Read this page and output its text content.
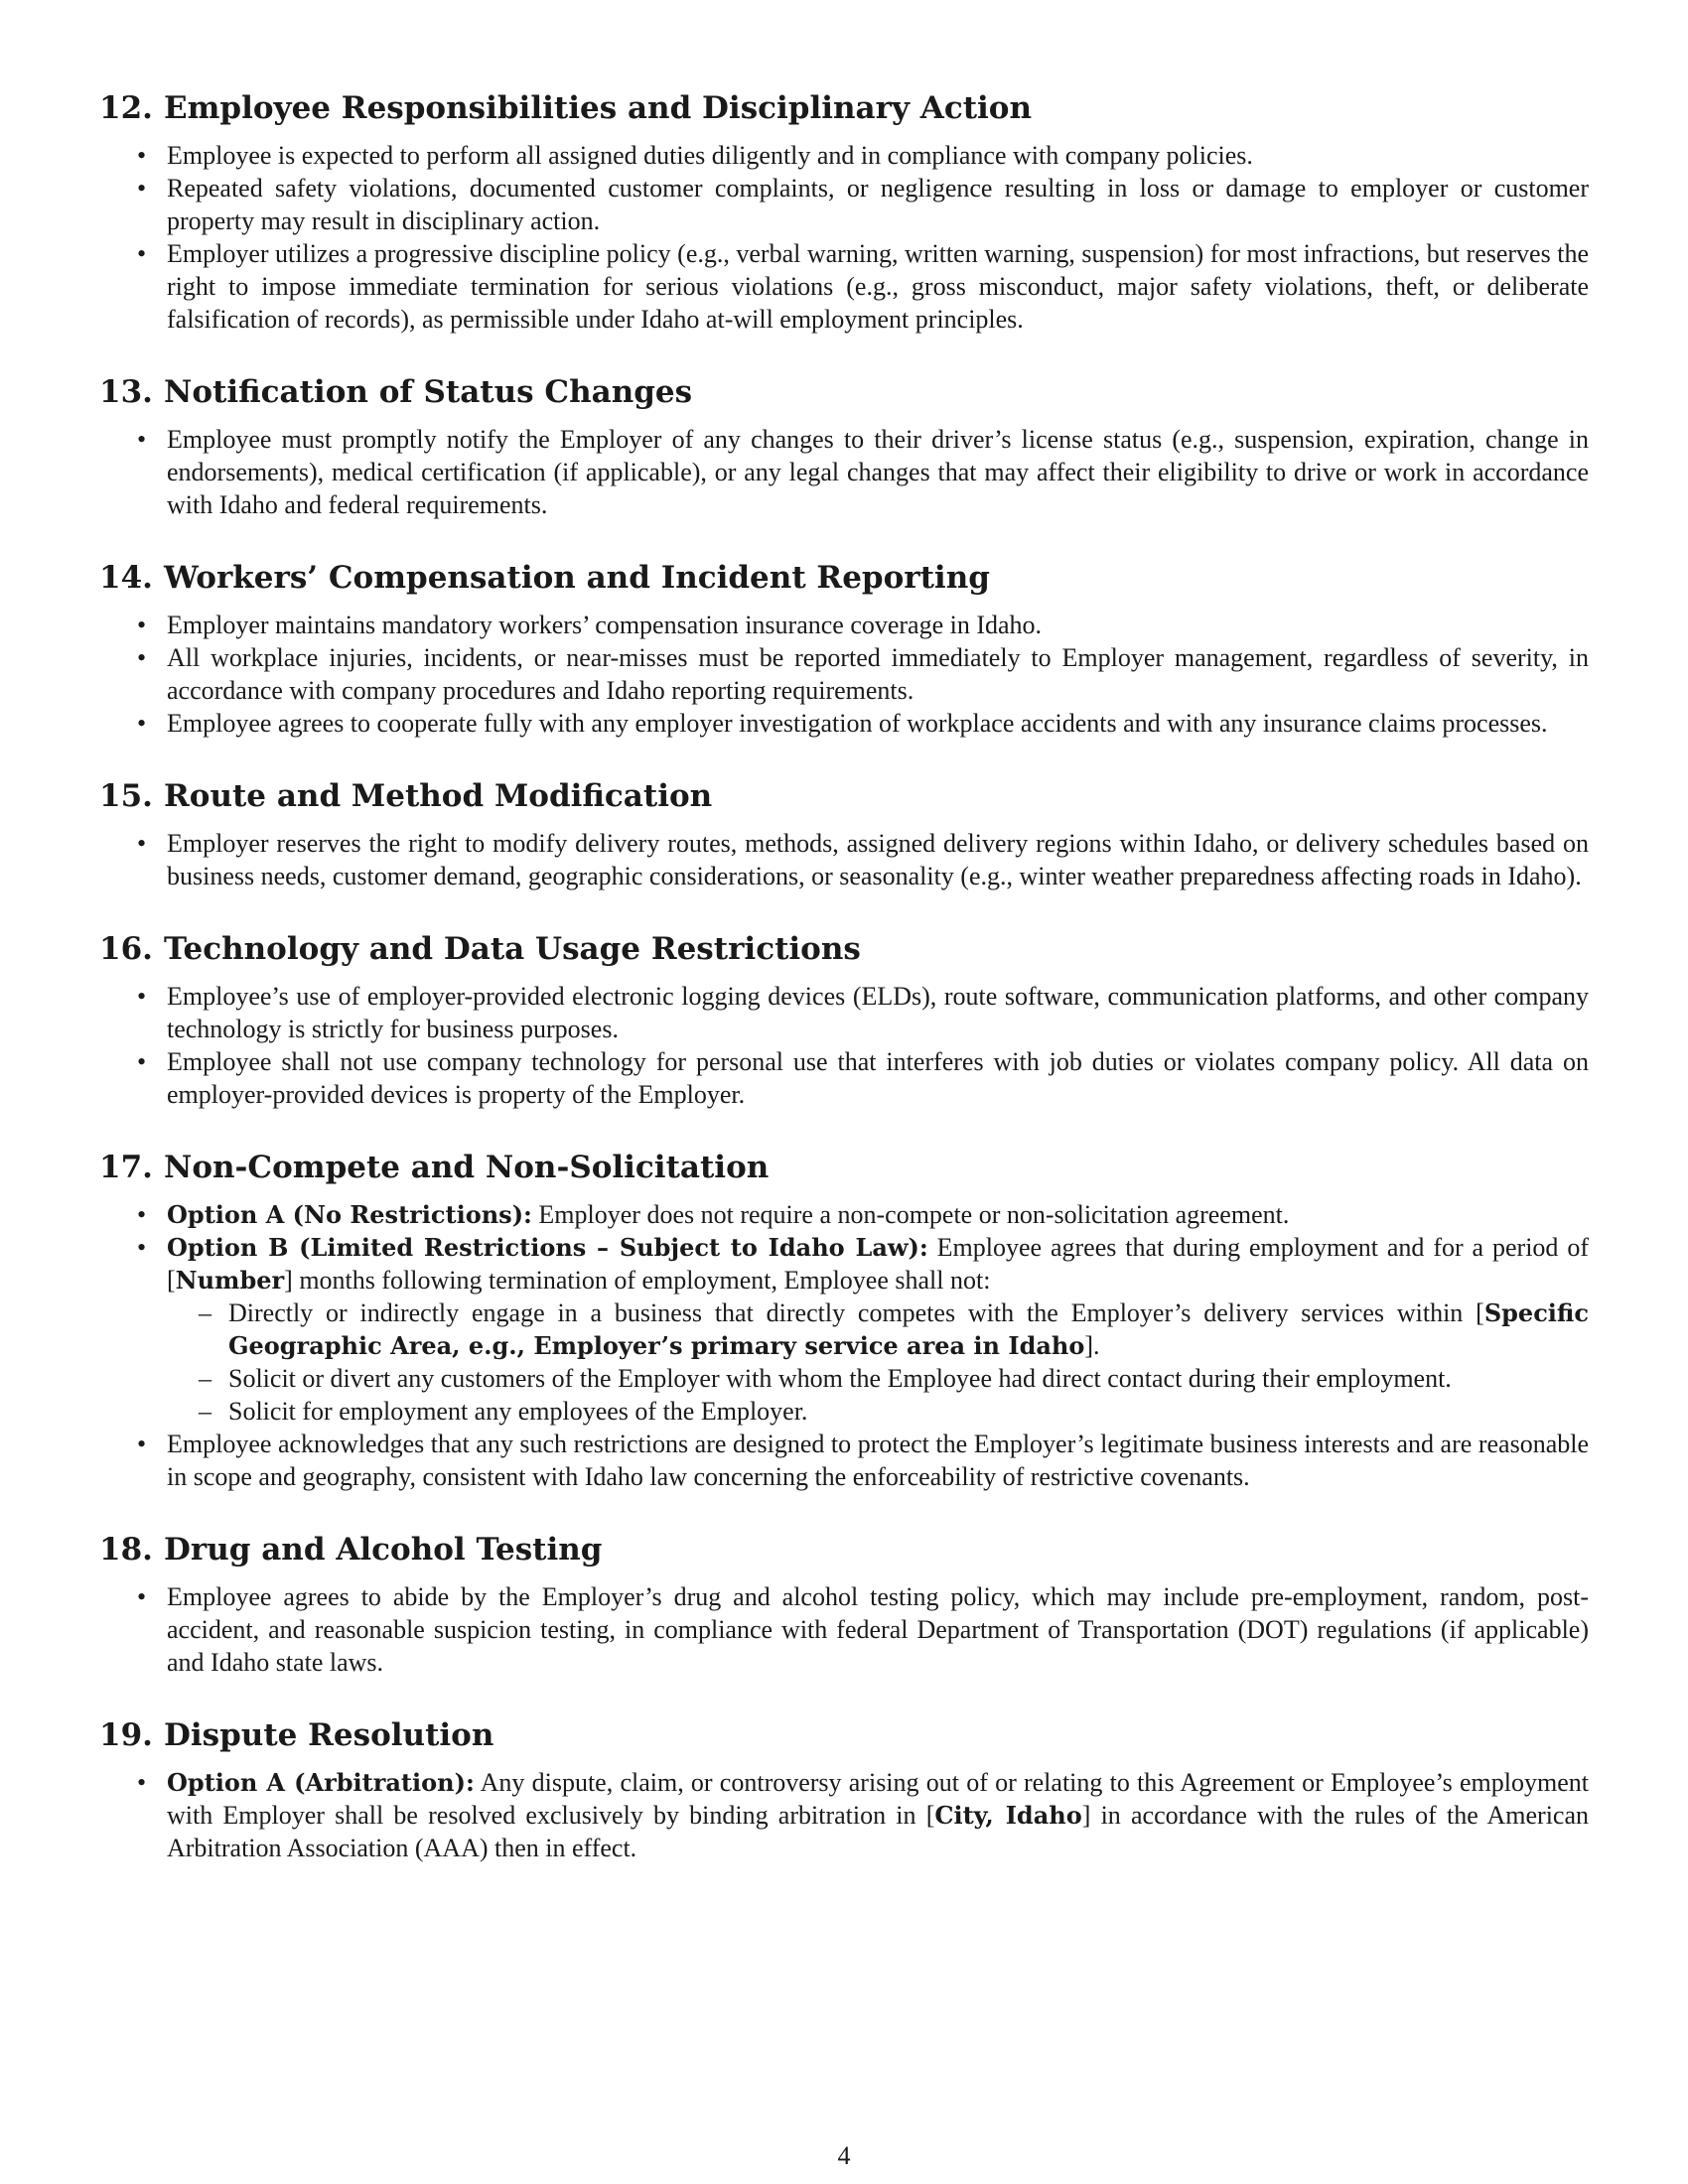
12. Employee Responsibilities and Disciplinary Action
• Employee is expected to perform all assigned duties diligently and in compliance with company policies.
• Repeated safety violations, documented customer complaints, or negligence resulting in loss or damage to employer or customer property may result in disciplinary action.
• Employer utilizes a progressive discipline policy (e.g., verbal warning, written warning, suspension) for most infractions, but reserves the right to impose immediate termination for serious violations (e.g., gross misconduct, major safety violations, theft, or deliberate falsification of records), as permissible under Idaho at-will employment principles.
13. Notification of Status Changes
• Employee must promptly notify the Employer of any changes to their driver’s license status (e.g., suspension, expiration, change in endorsements), medical certification (if applicable), or any legal changes that may affect their eligibility to drive or work in accordance with Idaho and federal requirements.
14. Workers’ Compensation and Incident Reporting
• Employer maintains mandatory workers’ compensation insurance coverage in Idaho.
• All workplace injuries, incidents, or near-misses must be reported immediately to Employer management, regardless of severity, in accordance with company procedures and Idaho reporting requirements.
• Employee agrees to cooperate fully with any employer investigation of workplace accidents and with any insurance claims processes.
15. Route and Method Modification
• Employer reserves the right to modify delivery routes, methods, assigned delivery regions within Idaho, or delivery schedules based on business needs, customer demand, geographic considerations, or seasonality (e.g., winter weather preparedness affecting roads in Idaho).
16. Technology and Data Usage Restrictions
• Employee’s use of employer-provided electronic logging devices (ELDs), route software, communication platforms, and other company technology is strictly for business purposes.
• Employee shall not use company technology for personal use that interferes with job duties or violates company policy. All data on employer-provided devices is property of the Employer.
17. Non-Compete and Non-Solicitation
• Option A (No Restrictions): Employer does not require a non-compete or non-solicitation agreement.
• Option B (Limited Restrictions – Subject to Idaho Law): Employee agrees that during employment and for a period of [Number] months following termination of employment, Employee shall not:
– Directly or indirectly engage in a business that directly competes with the Employer’s delivery services within [Specific Geographic Area, e.g., Employer’s primary service area in Idaho].
– Solicit or divert any customers of the Employer with whom the Employee had direct contact during their employment.
– Solicit for employment any employees of the Employer.
• Employee acknowledges that any such restrictions are designed to protect the Employer’s legitimate business interests and are reasonable in scope and geography, consistent with Idaho law concerning the enforceability of restrictive covenants.
18. Drug and Alcohol Testing
• Employee agrees to abide by the Employer’s drug and alcohol testing policy, which may include pre-employment, random, post-accident, and reasonable suspicion testing, in compliance with federal Department of Transportation (DOT) regulations (if applicable) and Idaho state laws.
19. Dispute Resolution
• Option A (Arbitration): Any dispute, claim, or controversy arising out of or relating to this Agreement or Employee’s employment with Employer shall be resolved exclusively by binding arbitration in [City, Idaho] in accordance with the rules of the American Arbitration Association (AAA) then in effect.
4
